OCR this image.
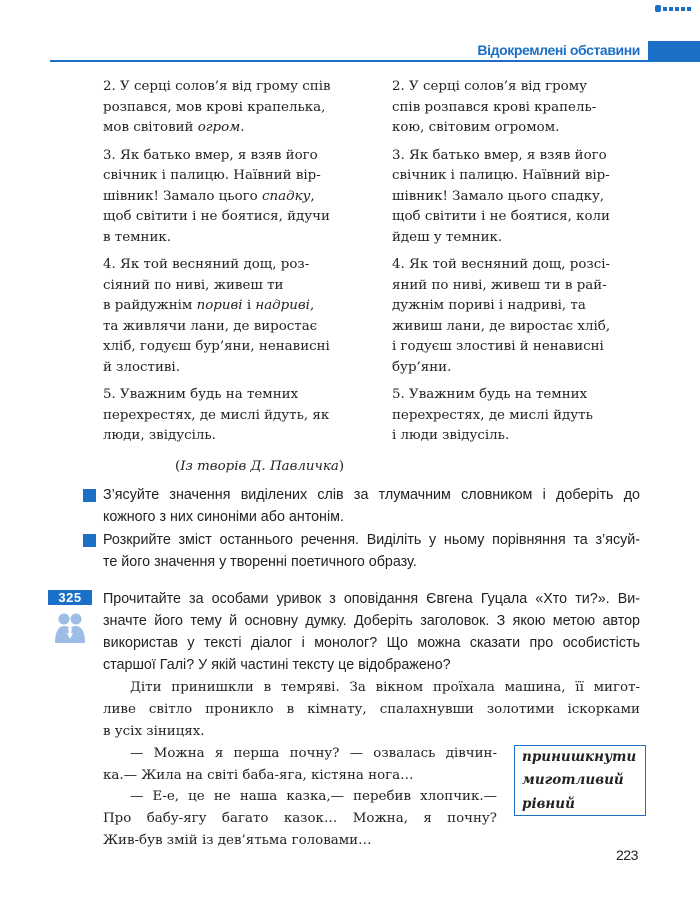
Відокремлені обставини
2. У серці солов’я від грому спів
розпався, мов крові крапелька,
мов світовий огром.
3. Як батько вмер, я взяв його
свічник і палицю. Наївний вір-
шівник! Замало цього спадку,
щоб світити і не боятися, йдучи
в темник.
4. Як той весняний дощ, роз-
сіяний по ниві, живеш ти
в райдужнім пориві і надриві,
та живлячи лани, де виростає
хліб, годуєш бур’яни, ненависні
й злостиві.
5. Уважним будь на темних
перехрестях, де мислі йдуть, як
люди, звідусіль.
(Із творів Д. Павличка)
2. У серці солов’я від грому
спів розпався крові крапель-
кою, світовим огромом.
3. Як батько вмер, я взяв його
свічник і палицю. Наївний вір-
шівник! Замало цього спадку,
щоб світити і не боятися, коли
йдеш у темник.
4. Як той весняний дощ, розсі-
яний по ниві, живеш ти в рай-
дужнім пориві і надриві, та
живиш лани, де виростає хліб,
і годуєш злостиві й ненависні
бур’яни.
5. Уважним будь на темних
перехрестях, де мислі йдуть
і люди звідусіль.
З’ясуйте значення виділених слів за тлумачним словником і доберіть до
кожного з них синоніми або антонім.
Розкрийте зміст останнього речення. Виділіть у ньому порівняння та з’ясуй-
те його значення у творенні поетичного образу.
325	Прочитайте за особами уривок з оповідання Євгена Гуцала «Хто ти?». Ви-
значте його тему й основну думку. Доберіть заголовок. З якою метою автор
використав у тексті діалог і монолог? Що можна сказати про особистість
старшої Галі? У якій частині тексту це відображено?
Діти принишкли в темряві. За вікном проїхала машина, її мигот-
ливе світло проникло в кімнату, спалахнувши золотими іскорками
в усіх зіницях.
— Можна я перша почну? — озвалась дівчин-
ка.— Жила на світі баба-яга, кістяна нога…
— Е-е, це не наша казка,— перебив хлопчик.—
Про бабу-ягу багато казок… Можна, я почну?
Жив-був змій із дев’ятьма головами…
принишкнути
миготливий
рівний
223
